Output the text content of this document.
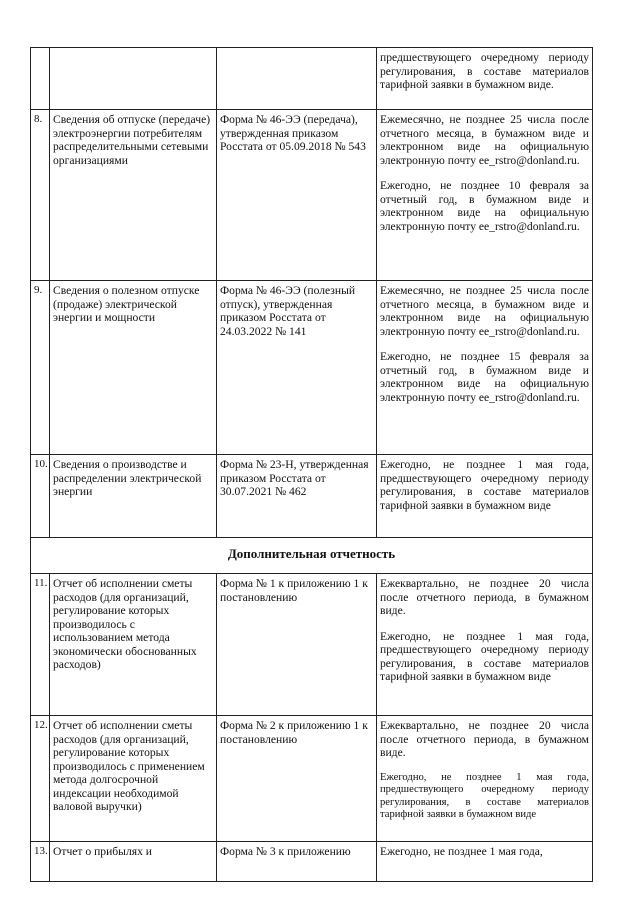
			предшествующего очередному периоду регулирования, в составе материалов тарифной заявки в бумажном виде.

8.	Сведения об отпуске (передаче) электроэнергии потребителям распределительными сетевыми организациями	Форма № 46-ЭЭ (передача), утвержденная приказом Росстата от 05.09.2018 № 543	Ежемесячно, не позднее 25 числа после отчетного месяца, в бумажном виде и электронном виде на официальную электронную почту ee_rstro@donland.ru.

Ежегодно, не позднее 10 февраля за отчетный год, в бумажном виде и электронном виде на официальную электронную почту ee_rstro@donland.ru.

9.	Сведения о полезном отпуске (продаже) электрической энергии и мощности	Форма № 46-ЭЭ (полезный отпуск), утвержденная приказом Росстата от 24.03.2022 № 141	Ежемесячно, не позднее 25 числа после отчетного месяца, в бумажном виде и электронном виде на официальную электронную почту ee_rstro@donland.ru.

Ежегодно, не позднее 15 февраля за отчетный год, в бумажном виде и электронном виде на официальную электронную почту ee_rstro@donland.ru.

10.	Сведения о производстве и распределении электрической энергии	Форма № 23-Н, утвержденная приказом Росстата от 30.07.2021 № 462	Ежегодно, не позднее 1 мая года, предшествующего очередному периоду регулирования, в составе материалов тарифной заявки в бумажном виде

Дополнительная отчетность			
11.	Отчет об исполнении сметы расходов (для организаций, регулирование которых производилось с использованием метода экономически обоснованных расходов)	Форма № 1 к приложению 1 к постановлению	Ежеквартально, не позднее 20 числа после отчетного периода, в бумажном виде.

Ежегодно, не позднее 1 мая года, предшествующего очередному периоду регулирования, в составе материалов тарифной заявки в бумажном виде

12.	Отчет об исполнении сметы расходов (для организаций, регулирование которых производилось с применением метода долгосрочной индексации необходимой валовой выручки)	Форма № 2 к приложению 1 к постановлению	Ежеквартально, не позднее 20 числа после отчетного периода, в бумажном виде.

Ежегодно, не позднее 1 мая года, предшествующего очередному периоду регулирования, в составе материалов тарифной заявки в бумажном виде

13.	Отчет о прибылях и	Форма № 3 к приложению	Ежегодно, не позднее 1 мая года,
